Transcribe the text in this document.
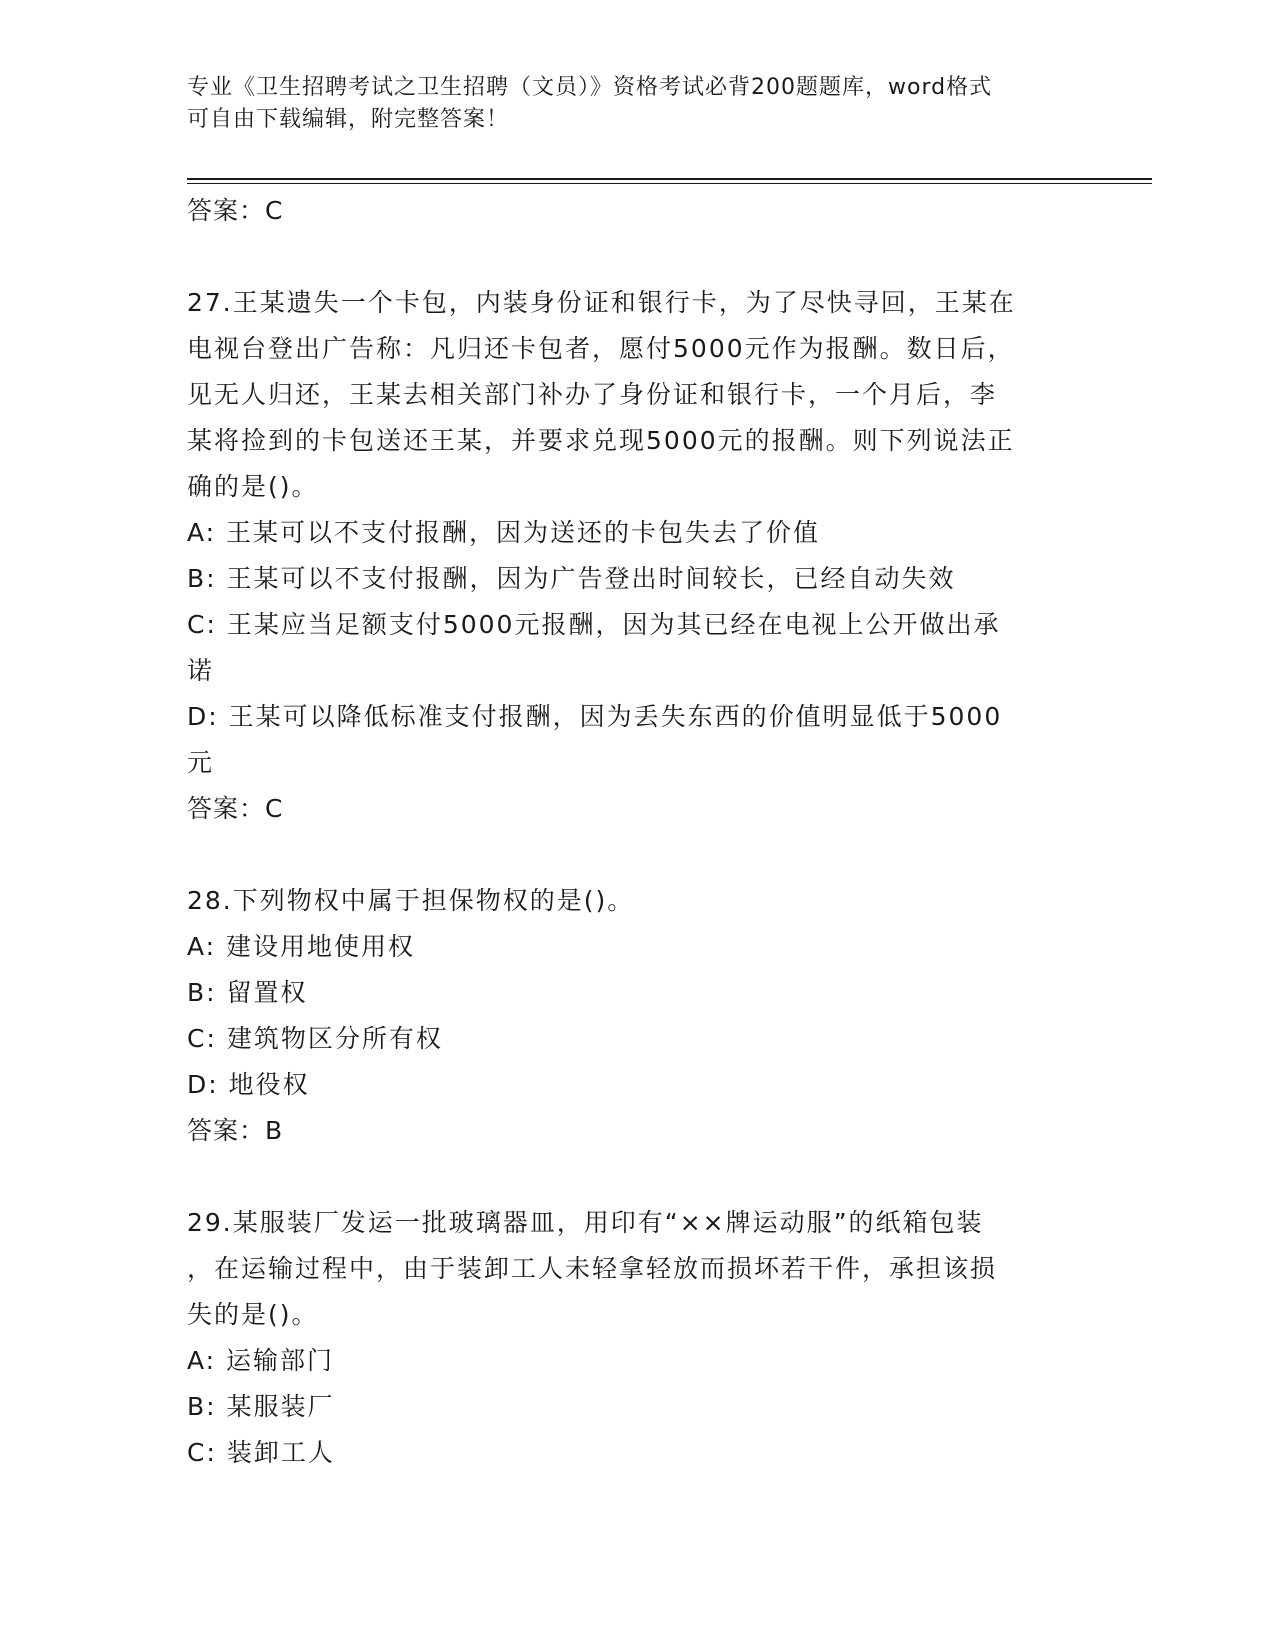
专业《卫生招聘考试之卫生招聘（文员）》资格考试必背200题题库，word格式
可自由下载编辑，附完整答案！
答案：C
27.王某遗失一个卡包，内装身份证和银行卡，为了尽快寻回，王某在
电视台登出广告称：凡归还卡包者，愿付5000元作为报酬。数日后，
见无人归还，王某去相关部门补办了身份证和银行卡，一个月后，李
某将捡到的卡包送还王某，并要求兑现5000元的报酬。则下列说法正
确的是()。
A: 王某可以不支付报酬，因为送还的卡包失去了价值
B: 王某可以不支付报酬，因为广告登出时间较长，已经自动失效
C: 王某应当足额支付5000元报酬，因为其已经在电视上公开做出承
诺
D: 王某可以降低标准支付报酬，因为丢失东西的价值明显低于5000
元
答案：C
28.下列物权中属于担保物权的是()。
A: 建设用地使用权
B: 留置权
C: 建筑物区分所有权
D: 地役权
答案：B
29.某服装厂发运一批玻璃器皿，用印有“××牌运动服”的纸箱包装
，在运输过程中，由于装卸工人未轻拿轻放而损坏若干件，承担该损
失的是()。
A: 运输部门
B: 某服装厂
C: 装卸工人
